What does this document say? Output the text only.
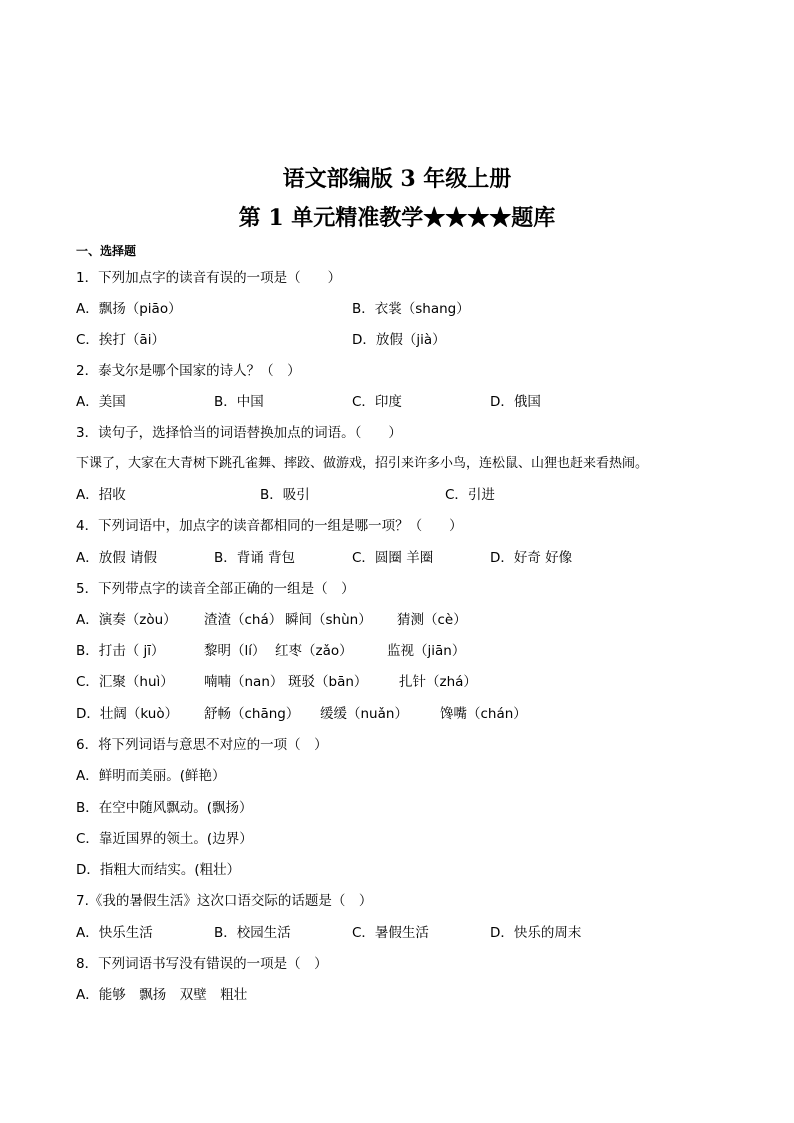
语文部编版 3 年级上册
第 1 单元精准教学★★★★题库
一、选择题
1．下列加点字的读音有误的一项是（　　）
A．飘扬（piāo）	B．衣裳（shang）
C．挨打（āi）	D．放假（jià）
2．泰戈尔是哪个国家的诗人？（　）
A．美国	B．中国	C．印度	D．俄国
3．读句子，选择恰当的词语替换加点的词语。（　　）
下课了，大家在大青树下跳孔雀舞、摔跤、做游戏，招引来许多小鸟，连松鼠、山狸也赶来看热闹。
A．招收	B．吸引	C．引进
4．下列词语中，加点字的读音都相同的一组是哪一项？（　　）
A．放假 请假	B．背诵 背包	C．圆圈 羊圈	D．好奇 好像
5．下列带点字的读音全部正确的一组是（　）
A．演奏（zòu） 渣渣（chá） 瞬间（shùn） 猜测（cè）
B．打击（ jī）	黎明（lí） 红枣（zǎo）	监视（jiān）
C．汇聚（huì） 喃喃（nan） 斑驳（bān） 扎针（zhá）
D．壮阔（kuò） 舒畅（chāng） 缓缓（nuǎn） 馋嘴（chán）
6．将下列词语与意思不对应的一项（　）
A．鲜明而美丽。(鲜艳）
B．在空中随风飘动。(飘扬）
C．靠近国界的领土。(边界）
D．指粗大而结实。(粗壮）
7.《我的暑假生活》这次口语交际的话题是（　）
A．快乐生活	B．校园生活	C．暑假生活	D．快乐的周末
8．下列词语书写没有错误的一项是（　）
A．能够　飘扬　双壁　粗壮
